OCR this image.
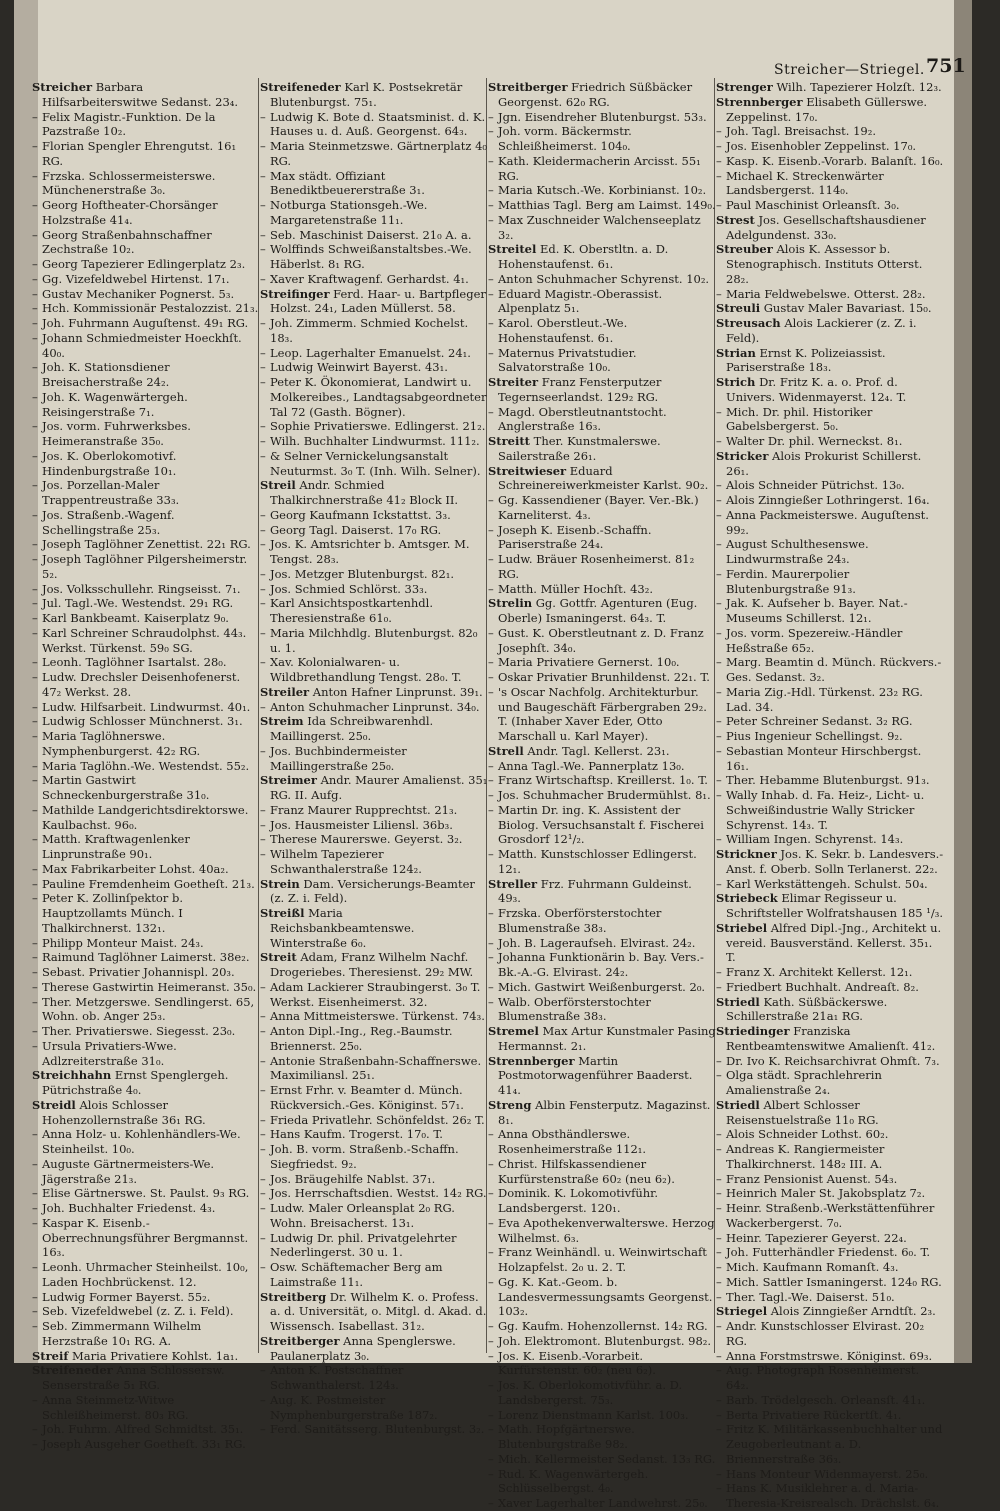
Streicher—Striegel. 751

Streicher Barbara Hilfsarbeiterswitwe Sedanst. 23₄.

– Felix Magistr.-Funktion. De la Pazstraße 10₂.

– Florian Spengler Ehrengutst. 16₁ RG.

– Frzska. Schlossermeisterswe. Münchenerstraße 3₀.

– Georg Hoftheater-Chorsänger Holzstraße 41₄.

– Georg Straßenbahnschaffner Zechstraße 10₂.

– Georg Tapezierer Edlingerplatz 2₃.

– Gg. Vizefeldwebel Hirtenst. 17₁.

– Gustav Mechaniker Pognerst. 5₃.

– Hch. Kommissionär Pestalozzist. 21₃.

– Joh. Fuhrmann Auguſtenst. 49₁ RG.

– Johann Schmiedmeister Hoeckhſt. 40₀.

– Joh. K. Stationsdiener Breisacherstraße 24₂.

– Joh. K. Wagenwärtergeh. Reisingerstraße 7₁.

– Jos. vorm. Fuhrwerksbes. Heimeranstraße 35₀.

– Jos. K. Oberlokomotivf. Hindenburgstraße 10₁.

– Jos. Porzellan-Maler Trappentreustraße 33₃.

– Jos. Straßenb.-Wagenf. Schellingstraße 25₃.

– Joseph Taglöhner Zenettist. 22₁ RG.

– Joseph Taglöhner Pilgersheimerstr. 5₂.

– Jos. Volksschullehr. Ringseisst. 7₁.

– Jul. Tagl.-We. Westendst. 29₁ RG.

– Karl Bankbeamt. Kaiserplatz 9₀.

– Karl Schreiner Schraudolphst. 44₃. Werkst. Türkenst. 59₀ SG.

– Leonh. Taglöhner Isartalst. 28₀.

– Ludw. Drechsler Deisenhofenerst. 47₂ Werkst. 28.

– Ludw. Hilfsarbeit. Lindwurmst. 40₁.

– Ludwig Schlosser Münchnerst. 3₁.

– Maria Taglöhnerswe. Nymphenburgerst. 42₂ RG.

– Maria Taglöhn.-We. Westendst. 55₂.

– Martin Gastwirt Schneckenburgerstraße 31₀.

– Mathilde Landgerichtsdirektorswe. Kaulbachst. 96₀.

– Matth. Kraftwagenlenker Linprunstraße 90₁.

– Max Fabrikarbeiter Lohst. 40a₂.

– Pauline Fremdenheim Goetheſt. 21₃.

– Peter K. Zollinſpektor b. Hauptzollamts Münch. I Thalkirchnerst. 132₁.

– Philipp Monteur Maist. 24₃.

– Raimund Taglöhner Laimerst. 38e₂.

– Sebast. Privatier Johannispl. 20₃.

– Therese Gastwirtin Heimeranst. 35₀.

– Ther. Metzgerswe. Sendlingerst. 65, Wohn. ob. Anger 25₃.

– Ther. Privatierswe. Siegesst. 23₀.

– Ursula Privatiers-Wwe. Adlzreiterstraße 31₀.

Streichhahn Ernst Spenglergeh. Pütrichstraße 4₀.

Streidl Alois Schlosser Hohenzollernstraße 36₁ RG.

– Anna Holz- u. Kohlenhändlers-We. Steinheilst. 10₀.

– Auguste Gärtnermeisters-We. Jägerstraße 21₃.

– Elise Gärtnerswe. St. Paulst. 9₃ RG.

– Joh. Buchhalter Friedenst. 4₃.

– Kaspar K. Eisenb.-Oberrechnungsführer Bergmannst. 16₃.

– Leonh. Uhrmacher Steinheilst. 10₀, Laden Hochbrückenst. 12.

– Ludwig Former Bayerst. 55₂.

– Seb. Vizefeldwebel (z. Z. i. Feld).

– Seb. Zimmermann Wilhelm Herzstraße 10₁ RG. A.

Streif Maria Privatiere Kohlst. 1a₁.

Streifeneder Anna Schlossersw. Senserstraße 5₁ RG.

– Anna Steinmetz-Witwe Schleißheimerst. 80₃ RG.

– Joh. Fuhrm. Alfred Schmidtst. 35₁.

– Joseph Ausgeher Goetheſt. 33₁ RG.

Streifeneder Karl K. Postsekretär Blutenburgst. 75₁.

– Ludwig K. Bote d. Staatsminist. d. K. Hauses u. d. Auß. Georgenst. 64₃.

– Maria Steinmetzswe. Gärtnerplatz 4₀ RG.

– Max städt. Offiziant Benediktbeuererstraße 3₁.

– Notburga Stationsgeh.-We. Margaretenstraße 11₁.

– Seb. Maschinist Daiserst. 21₀ A. a.

– Wolffinds Schweißanstaltsbes.-We. Häberlst. 8₁ RG.

– Xaver Kraftwagenf. Gerhardst. 4₁.

Streifinger Ferd. Haar- u. Bartpfleger Holzst. 24₁, Laden Müllerst. 58.

– Joh. Zimmerm. Schmied Kochelst. 18₃.

– Leop. Lagerhalter Emanuelst. 24₁.

– Ludwig Weinwirt Bayerst. 43₁.

– Peter K. Ökonomierat, Landwirt u. Molkereibes., Landtagsabgeordneter Tal 72 (Gasth. Bögner).

– Sophie Privatierswe. Edlingerst. 21₂.

– Wilh. Buchhalter Lindwurmst. 111₂.

– & Selner Vernickelungsanstalt Neuturmst. 3₀ T. (Inh. Wilh. Selner).

Streil Andr. Schmied Thalkirchnerstraße 41₂ Block II.

– Georg Kaufmann Ickstattst. 3₃.

– Georg Tagl. Daiserst. 17₀ RG.

– Jos. K. Amtsrichter b. Amtsger. M. Tengst. 28₃.

– Jos. Metzger Blutenburgst. 82₁.

– Jos. Schmied Schlörst. 33₃.

– Karl Ansichtspostkartenhdl. Theresienstraße 61₀.

– Maria Milchhdlg. Blutenburgst. 82₀ u. 1.

– Xav. Kolonialwaren- u. Wildbrethandlung Tengst. 28₀. T.

Streiler Anton Hafner Linprunst. 39₁.

– Anton Schuhmacher Linprunst. 34₀.

Streim Ida Schreibwarenhdl. Maillingerst. 25₀.

– Jos. Buchbindermeister Maillingerstraße 25₀.

Streimer Andr. Maurer Amalienst. 35₁ RG. II. Aufg.

– Franz Maurer Rupprechtst. 21₃.

– Jos. Hausmeister Liliensl. 36b₃.

– Therese Maurerswe. Geyerst. 3₂.

– Wilhelm Tapezierer Schwanthalerstraße 124₂.

Strein Dam. Versicherungs-Beamter (z. Z. i. Feld).

Streißl Maria Reichsbankbeamtenswe. Winterstraße 6₀.

Streit Adam, Franz Wilhelm Nachf. Drogeriebes. Theresienst. 29₂ MW.

– Adam Lackierer Straubingerst. 3₀ T. Werkst. Eisenheimerst. 32.

– Anna Mittmeisterswe. Türkenst. 74₃.

– Anton Dipl.-Ing., Reg.-Baumstr. Briennerst. 25₀.

– Antonie Straßenbahn-Schaffnerswe. Maximiliansl. 25₁.

– Ernst Frhr. v. Beamter d. Münch. Rückversich.-Ges. Königinst. 57₁.

– Frieda Privatlehr. Schönfeldst. 26₂ T.

– Hans Kaufm. Trogerst. 17₀. T.

– Joh. B. vorm. Straßenb.-Schaffn. Siegfriedst. 9₂.

– Jos. Bräugehilfe Nablst. 37₁.

– Jos. Herrschaftsdien. Westst. 14₂ RG.

– Ludw. Maler Orleansplat 2₀ RG. Wohn. Breisacherst. 13₁.

– Ludwig Dr. phil. Privatgelehrter Nederlingerst. 30 u. 1.

– Osw. Schäftemacher Berg am Laimstraße 11₁.

Streitberg Dr. Wilhelm K. o. Profess. a. d. Universität, o. Mitgl. d. Akad. d. Wissensch. Isabellast. 31₂.

Streitberger Anna Spenglerswe. Paulanerplatz 3₀.

– Anton K. Postschaffner Schwanthalerst. 124₃.

– Aug. K. Postmeister Nymphenburgerstraße 187₂.

– Ferd. Sanitätsserg. Blutenburgst. 3₂.

Streitberger Friedrich Süßbäcker Georgenst. 62₀ RG.

– Jgn. Eisendreher Blutenburgst. 53₃.

– Joh. vorm. Bäckermstr. Schleißheimerst. 104₀.

– Kath. Kleidermacherin Arcisst. 55₁ RG.

– Maria Kutsch.-We. Korbinianst. 10₂.

– Matthias Tagl. Berg am Laimst. 149₀.

– Max Zuschneider Walchenseeplatz 3₂.

Streitel Ed. K. Oberstltn. a. D. Hohenstaufenst. 6₁.

– Anton Schuhmacher Schyrenst. 10₂.

– Eduard Magistr.-Oberassist. Alpenplatz 5₁.

– Karol. Oberstleut.-We. Hohenstaufenst. 6₁.

– Maternus Privatstudier. Salvatorstraße 10₀.

Streiter Franz Fensterputzer Tegernseerlandst. 129₂ RG.

– Magd. Oberstleutnantstocht. Anglerstraße 16₃.

Streitt Ther. Kunstmalerswe. Sailerstraße 26₁.

Streitwieser Eduard Schreinereiwerkmeister Karlst. 90₂.

– Gg. Kassendiener (Bayer. Ver.-Bk.) Karneliterst. 4₃.

– Joseph K. Eisenb.-Schaffn. Pariserstraße 24₄.

– Ludw. Bräuer Rosenheimerst. 81₂ RG.

– Matth. Müller Hochſt. 43₂.

Strelin Gg. Gottfr. Agenturen (Eug. Oberle) Ismaningerst. 64₃. T.

– Gust. K. Oberstleutnant z. D. Franz Josephſt. 34₀.

– Maria Privatiere Gernerst. 10₀.

– Oskar Privatier Brunhildenst. 22₁. T.

– 's Oscar Nachfolg. Architekturbur. und Baugeschäft Färbergraben 29₂. T. (Inhaber Xaver Eder, Otto Marschall u. Karl Mayer).

Strell Andr. Tagl. Kellerst. 23₁.

– Anna Tagl.-We. Pannerplatz 13₀.

– Franz Wirtschaftsp. Kreillerst. 1₀. T.

– Jos. Schuhmacher Brudermühlst. 8₁.

– Martin Dr. ing. K. Assistent der Biolog. Versuchsanstalt f. Fischerei Grosdorf 12¹/₂.

– Matth. Kunstschlosser Edlingerst. 12₁.

Streller Frz. Fuhrmann Guldeinst. 49₃.

– Frzska. Oberförsterstochter Blumenstraße 38₃.

– Joh. B. Lageraufseh. Elvirast. 24₂.

– Johanna Funktionärin b. Bay. Vers.-Bk.-A.-G. Elvirast. 24₂.

– Mich. Gastwirt Weißenburgerst. 2₀.

– Walb. Oberförsterstochter Blumenstraße 38₃.

Stremel Max Artur Kunstmaler Pasing Hermannst. 2₁.

Strennberger Martin Postmotorwagenführer Baaderst. 41₄.

Streng Albin Fensterputz. Magazinst. 8₁.

– Anna Obsthändlerswe. Rosenheimerstraße 112₁.

– Christ. Hilfskassendiener Kurfürstenstraße 60₂ (neu 6₂).

– Dominik. K. Lokomotivführ. Landsbergerst. 120₁.

– Eva Apothekenverwalterswe. Herzog Wilhelmst. 6₃.

– Franz Weinhändl. u. Weinwirtschaft Holzapfelst. 2₀ u. 2. T.

– Gg. K. Kat.-Geom. b. Landesvermessungsamts Georgenst. 103₂.

– Gg. Kaufm. Hohenzollernst. 14₂ RG.

– Joh. Elektromont. Blutenburgst. 98₂.

– Jos. K. Eisenb.-Vorarbeit. Kurfürstenstr. 60₂ (neu 6₂).

– Jos. K. Oberlokomotivführ. a. D. Landsbergerst. 75₃.

– Lorenz Dienstmann Karlst. 100₃.

– Math. Hopfgärtnerswe. Blutenburgstraße 98₂.

– Mich. Kellermeister Sedanst. 13₃ RG.

– Rud. K. Wagenwärtergeh. Schlüsselbergst. 4₀.

– Xaver Lagerhalter Landwehrst. 25₀.

Strenger Wilh. Tapezierer Holzſt. 12₃.

Strennberger Elisabeth Güllerswe. Zeppelinst. 17₀.

– Joh. Tagl. Breisachst. 19₂.

– Jos. Eisenhobler Zeppelinst. 17₀.

– Kasp. K. Eisenb.-Vorarb. Balanſt. 16₀.

– Michael K. Streckenwärter Landsbergerst. 114₀.

– Paul Maschinist Orleansſt. 3₀.

Strest Jos. Gesellschaftshausdiener Adelgundenst. 33₀.

Streuber Alois K. Assessor b. Stenographisch. Instituts Otterst. 28₂.

– Maria Feldwebelswe. Otterst. 28₂.

Streuli Gustav Maler Bavariast. 15₀.

Streusach Alois Lackierer (z. Z. i. Feld).

Strian Ernst K. Polizeiassist. Pariserstraße 18₃.

Strich Dr. Fritz K. a. o. Prof. d. Univers. Widenmayerst. 12₄. T.

– Mich. Dr. phil. Historiker Gabelsbergerst. 5₀.

– Walter Dr. phil. Werneckst. 8₁.

Stricker Alois Prokurist Schillerst. 26₁.

– Alois Schneider Pütrichst. 13₀.

– Alois Zinngießer Lothringerst. 16₄.

– Anna Packmeisterswe. Auguſtenst. 99₂.

– August Schulthesenswe. Lindwurmstraße 24₃.

– Ferdin. Maurerpolier Blutenburgstraße 91₃.

– Jak. K. Aufseher b. Bayer. Nat.-Museums Schillerst. 12₁.

– Jos. vorm. Spezereiw.-Händler Heßstraße 65₂.

– Marg. Beamtin d. Münch. Rückvers.-Ges. Sedanst. 3₂.

– Maria Zig.-Hdl. Türkenst. 23₂ RG. Lad. 34.

– Peter Schreiner Sedanst. 3₂ RG.

– Pius Ingenieur Schellingst. 9₂.

– Sebastian Monteur Hirschbergst. 16₁.

– Ther. Hebamme Blutenburgst. 91₃.

– Wally Inhab. d. Fa. Heiz-, Licht- u. Schweißindustrie Wally Stricker Schyrenst. 14₃. T.

– William Ingen. Schyrenst. 14₃.

Strickner Jos. K. Sekr. b. Landesvers.-Anst. f. Oberb. Solln Terlanerst. 22₂.

– Karl Werkstättengeh. Schulst. 50₄.

Striebeck Elimar Regisseur u. Schriftsteller Wolfratshausen 185 ¹/₃.

Striebel Alfred Dipl.-Jng., Architekt u. vereid. Bausverständ. Kellerst. 35₁. T.

– Franz X. Architekt Kellerst. 12₁.

– Friedbert Buchhalt. Andreaſt. 8₂.

Striedl Kath. Süßbäckerswe. Schillerstraße 21a₁ RG.

Striedinger Franziska Rentbeamtenswitwe Amalienſt. 41₂.

– Dr. Ivo K. Reichsarchivrat Ohmſt. 7₃.

– Olga städt. Sprachlehrerin Amalienstraße 2₄.

Striedl Albert Schlosser Reisenstuelstraße 11₀ RG.

– Alois Schneider Lothst. 60₂.

– Andreas K. Rangiermeister Thalkirchnerst. 148₂ III. A.

– Franz Pensionist Auenst. 54₃.

– Heinrich Maler St. Jakobsplatz 7₂.

– Heinr. Straßenb.-Werkstättenführer Wackerbergerst. 7₀.

– Heinr. Tapezierer Geyerst. 22₄.

– Joh. Futterhändler Friedenst. 6₀. T.

– Mich. Kaufmann Romanſt. 4₃.

– Mich. Sattler Ismaningerst. 124₀ RG.

– Ther. Tagl.-We. Daiserst. 51₀.

Striegel Alois Zinngießer Arndtſt. 2₃.

– Andr. Kunstschlosser Elvirast. 20₂ RG.

– Anna Forstmstrswe. Königinst. 69₃.

– Aug. Photograph Rosenheimerst. 64₂.

– Barb. Trödelgesch. Orleansſt. 41₁.

– Berta Privatiere Rückertſt. 4₁.

– Fritz K. Militärkassenbuchhalter und Zeugoberleutnant a. D. Briennerstraße 36₃.

– Hans Monteur Widenmayerst. 25₀.

– Hans K. Musiklehrer a. d. Maria-Theresia-Kreisrealsch. Drächslst. 6₄.
